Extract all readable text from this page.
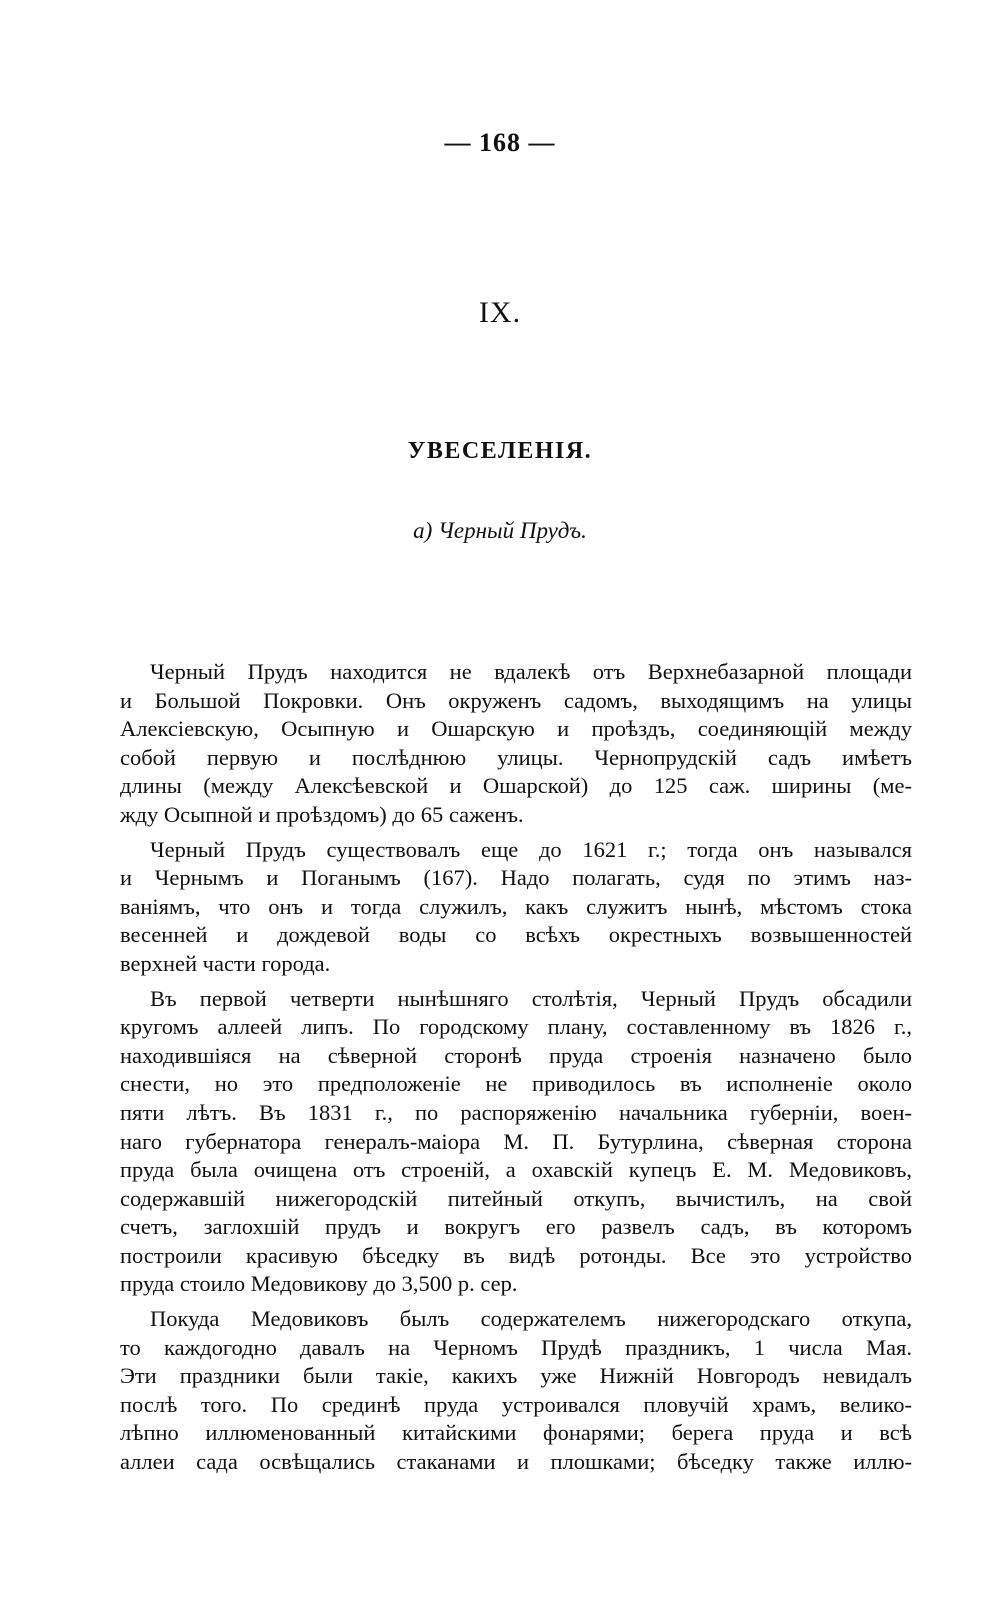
— 168 —
IX.
УВЕСЕЛЕНІЯ.
а) Черный Прудъ.
Черный Прудъ находится не вдалекѣ отъ Верхнебазарной площади
и Большой Покровки. Онъ окруженъ садомъ, выходящимъ на улицы
Алексіевскую, Осыпную и Ошарскую и проѣздъ, соединяющій между
собой первую и послѣднюю улицы. Чернопрудскій садъ имѣетъ
длины (между Алексѣевской и Ошарской) до 125 саж. ширины (ме-
жду Осыпной и проѣздомъ) до 65 саженъ.
Черный Прудъ существовалъ еще до 1621 г.; тогда онъ назывался
и Чернымъ и Поганымъ (167). Надо полагать, судя по этимъ наз-
ваніямъ, что онъ и тогда служилъ, какъ служитъ нынѣ, мѣстомъ стока
весенней и дождевой воды со всѣхъ окрестныхъ возвышенностей
верхней части города.
Въ первой четверти нынѣшняго столѣтія, Черный Прудъ обсадили
кругомъ аллеей липъ. По городскому плану, составленному въ 1826 г.,
находившіяся на сѣверной сторонѣ пруда строенія назначено было
снести, но это предположеніе не приводилось въ исполненіе около
пяти лѣтъ. Въ 1831 г., по распоряженію начальника губерніи, воен-
наго губернатора генералъ-маіора М. П. Бутурлина, сѣверная сторона
пруда была очищена отъ строеній, а охавскій купецъ Е. М. Медовиковъ,
содержавшій нижегородскій питейный откупъ, вычистилъ, на свой
счетъ, заглохшій прудъ и вокругъ его развелъ садъ, въ которомъ
построили красивую бѣседку въ видѣ ротонды. Все это устройство
пруда стоило Медовикову до 3,500 р. сер.
Покуда Медовиковъ былъ содержателемъ нижегородскаго откупа,
то каждогодно давалъ на Черномъ Прудѣ праздникъ, 1 числа Мая.
Эти праздники были такіе, какихъ уже Нижній Новгородъ невидалъ
послѣ того. По срединѣ пруда устроивался пловучій храмъ, велико-
лѣпно иллюменованный китайскими фонарями; берега пруда и всѣ
аллеи сада освѣщались стаканами и плошками; бѣседку также иллю-
